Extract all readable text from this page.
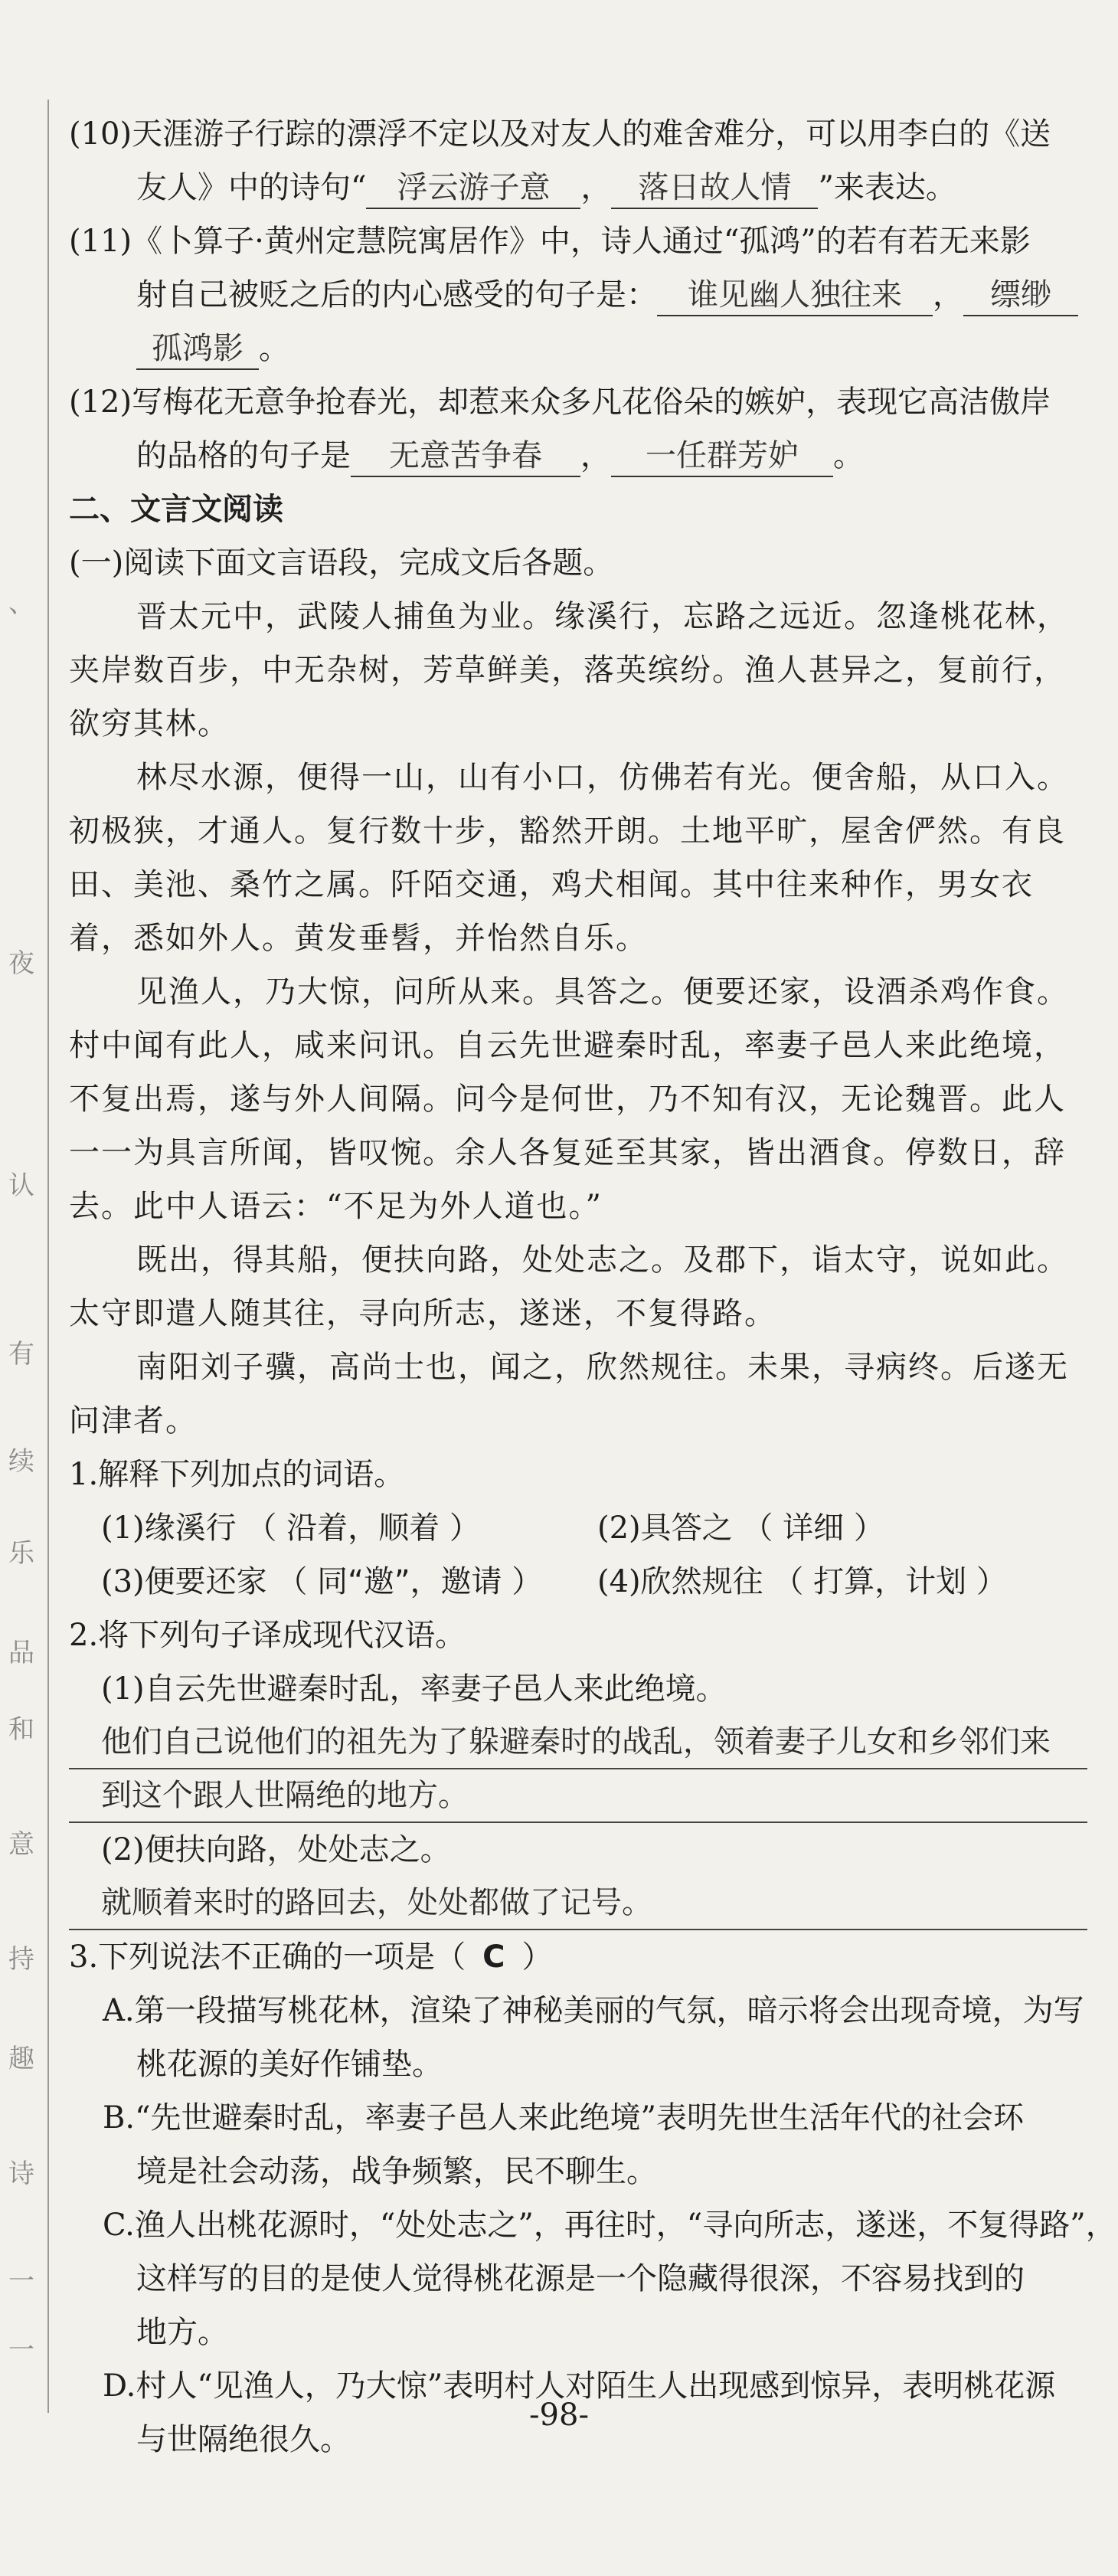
、
夜
认
有
续
乐
品
和
意
持
趣
诗
一
一
(10)天涯游子行踪的漂浮不定以及对友人的难舍难分，可以用李白的《送
友人》中的诗句“ 浮云游子意 ， 落日故人情 ”来表达。
(11)《卜算子·黄州定慧院寓居作》中，诗人通过“孤鸿”的若有若无来影
射自己被贬之后的内心感受的句子是： 谁见幽人独往来 ， 缥缈
孤鸿影 。
(12)写梅花无意争抢春光，却惹来众多凡花俗朵的嫉妒，表现它高洁傲岸
的品格的句子是 无意苦争春 ， 一任群芳妒 。
二、文言文阅读
(一)阅读下面文言语段，完成文后各题。
晋太元中，武陵人捕鱼为业。缘溪行，忘路之远近。忽逢桃花林，夹岸数百步，中无杂树，芳草鲜美，落英缤纷。渔人甚异之，复前行，欲穷其林。
林尽水源，便得一山，山有小口，仿佛若有光。便舍船，从口入。初极狭，才通人。复行数十步，豁然开朗。土地平旷，屋舍俨然。有良田、美池、桑竹之属。阡陌交通，鸡犬相闻。其中往来种作，男女衣着，悉如外人。黄发垂髫，并怡然自乐。
见渔人，乃大惊，问所从来。具答之。便要还家，设酒杀鸡作食。村中闻有此人，咸来问讯。自云先世避秦时乱，率妻子邑人来此绝境，不复出焉，遂与外人间隔。问今是何世，乃不知有汉，无论魏晋。此人一一为具言所闻，皆叹惋。余人各复延至其家，皆出酒食。停数日，辞去。此中人语云：“不足为外人道也。”
既出，得其船，便扶向路，处处志之。及郡下，诣太守，说如此。太守即遣人随其往，寻向所志，遂迷，不复得路。
南阳刘子骥，高尚士也，闻之，欣然规往。未果，寻病终。后遂无问津者。
1.解释下列加点的词语。
(1)缘溪行 （ 沿着，顺着 ）	(2)具答之 （ 详细 ）
(3)便要还家 （ 同“邀”，邀请 ） (4)欣然规往 （ 打算，计划 ）
2.将下列句子译成现代汉语。
(1)自云先世避秦时乱，率妻子邑人来此绝境。
他们自己说他们的祖先为了躲避秦时的战乱，领着妻子儿女和乡邻们来
到这个跟人世隔绝的地方。
(2)便扶向路，处处志之。
就顺着来时的路回去，处处都做了记号。
3.下列说法不正确的一项是（ C ）
A.第一段描写桃花林，渲染了神秘美丽的气氛，暗示将会出现奇境，为写
桃花源的美好作铺垫。
B.“先世避秦时乱，率妻子邑人来此绝境”表明先世生活年代的社会环
境是社会动荡，战争频繁，民不聊生。
C.渔人出桃花源时，“处处志之”，再往时，“寻向所志，遂迷，不复得路”，
这样写的目的是使人觉得桃花源是一个隐藏得很深，不容易找到的
地方。
D.村人“见渔人，乃大惊”表明村人对陌生人出现感到惊异，表明桃花源
与世隔绝很久。
-98-
